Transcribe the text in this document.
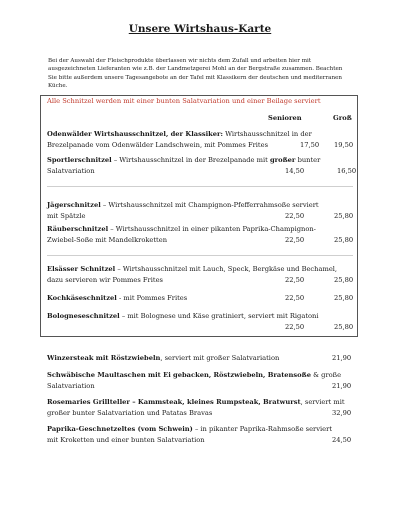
Unsere Wirtshaus-Karte
Bei der Auswahl der Fleischprodukte überlassen wir nichts dem Zufall und arbeiten hier mit ausgezeichneten Lieferanten wie z.B. der Landmetzgerei Mohl an der Bergstraße zusammen. Beachten Sie bitte außerdem unsere Tagesangebote an der Tafel mit Klassikern der deutschen und mediterranen Küche.
Alle Schnitzel werden mit einer bunten Salatvariation und einer Beilage serviert
Senioren	Groß
Odenwälder Wirtshausschnitzel, der Klassiker: Wirtshausschnitzel in der
Brezelpanade vom Odenwälder Landschwein, mit Pommes Frites	17,50 19,50
Sportlerschnitzel – Wirtshausschnitzel in der Brezelpanade mit großer bunter
Salatvariation	14,50	16,50
Jägerschnitzel – Wirtshausschnitzel mit Champignon-Pfefferrahmsoße serviert
mit Spätzle	22,50	25,80
Räuberschnitzel – Wirtshausschnitzel in einer pikanten Paprika-Champignon-
Zwiebel-Soße mit Mandelkroketten	22,50	25,80
Elsässer Schnitzel – Wirtshausschnitzel mit Lauch, Speck, Bergkäse und Bechamel,
dazu servieren wir Pommes Frites	22,50	25,80
Kochkäseschnitzel - mit Pommes Frites	22,50	25,80
Bologneseschnitzel – mit Bolognese und Käse gratiniert, serviert mit Rigatoni
22,50	25,80
Winzersteak mit Röstzwiebeln, serviert mit großer Salatvariation	21,90
Schwäbische Maultaschen mit Ei gebacken, Röstzwiebeln, Bratensoße & große
Salatvariation	21,90
Rosemaries Grillteller – Kammsteak, kleines Rumpsteak, Bratwurst, serviert mit
großer bunter Salatvariation und Patatas Bravas	32,90
Paprika-Geschnetzeltes (vom Schwein) – in pikanter Paprika-Rahmsoße serviert
mit Kroketten und einer bunten Salatvariation	24,50
